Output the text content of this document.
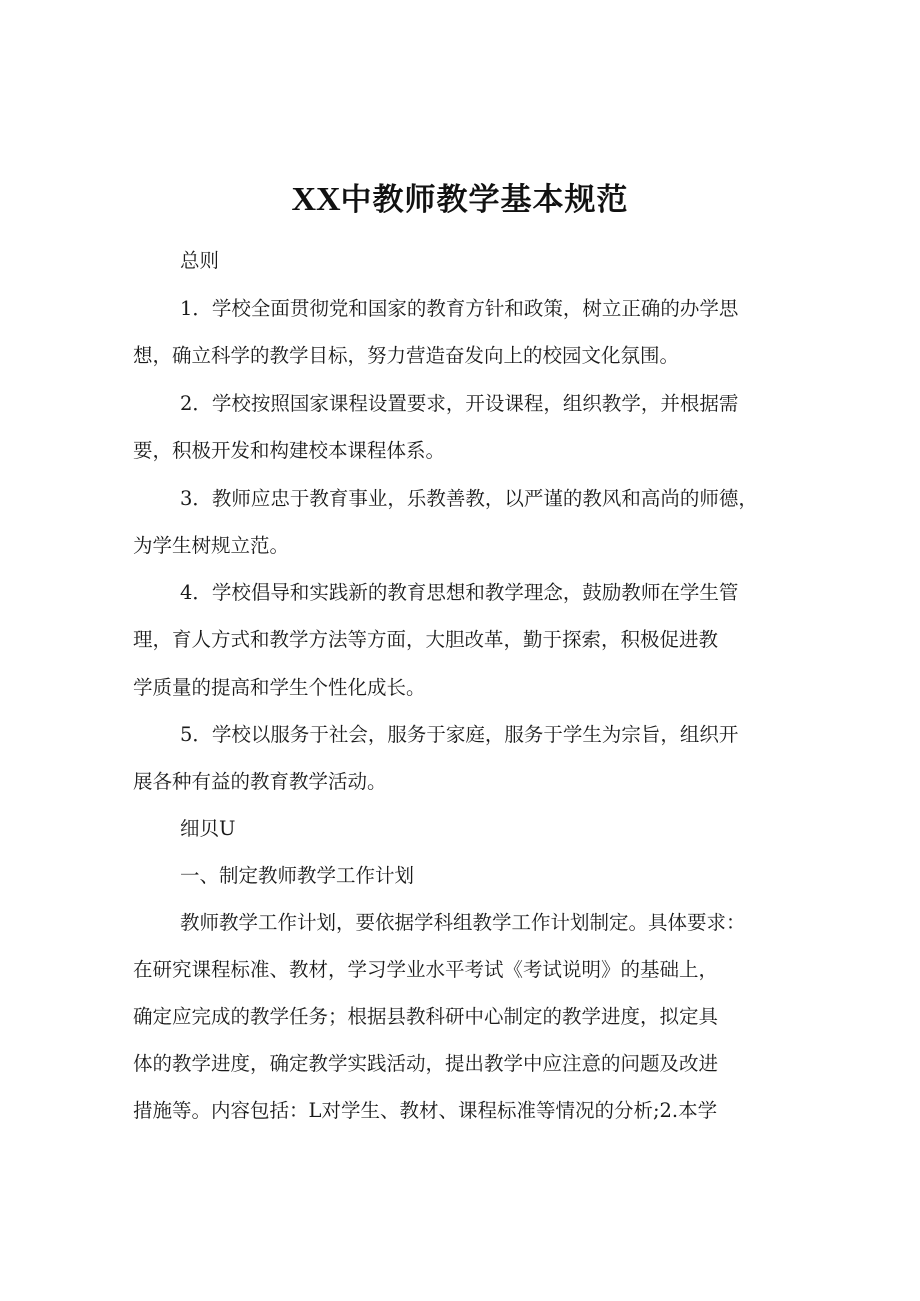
XX中教师教学基本规范
总则
1．学校全面贯彻党和国家的教育方针和政策，树立正确的办学思
想，确立科学的教学目标，努力营造奋发向上的校园文化氛围。
2．学校按照国家课程设置要求，开设课程，组织教学，并根据需
要，积极开发和构建校本课程体系。
3．教师应忠于教育事业，乐教善教，以严谨的教风和高尚的师德，
为学生树规立范。
4．学校倡导和实践新的教育思想和教学理念，鼓励教师在学生管
理，育人方式和教学方法等方面，大胆改革，勤于探索，积极促进教
学质量的提高和学生个性化成长。
5．学校以服务于社会，服务于家庭，服务于学生为宗旨，组织开
展各种有益的教育教学活动。
细贝U
一、制定教师教学工作计划
教师教学工作计划，要依据学科组教学工作计划制定。具体要求：
在研究课程标准、教材，学习学业水平考试《考试说明》的基础上，
确定应完成的教学任务；根据县教科研中心制定的教学进度，拟定具
体的教学进度，确定教学实践活动，提出教学中应注意的问题及改进
措施等。内容包括：L对学生、教材、课程标准等情况的分析;2.本学
